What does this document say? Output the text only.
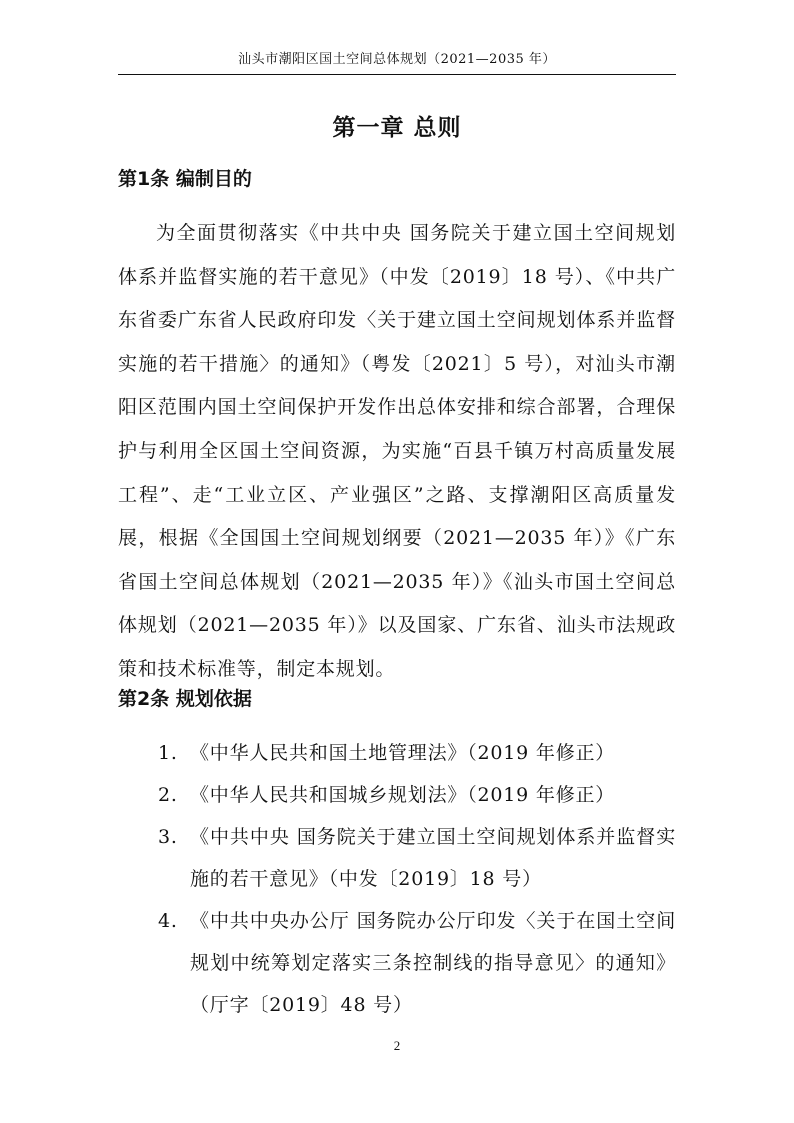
汕头市潮阳区国土空间总体规划（2021—2035 年）
第一章 总则
第1条 编制目的

为全面贯彻落实《中共中央 国务院关于建立国土空间规划体系并监督实施的若干意见》（中发〔2019〕18 号）、《中共广东省委广东省人民政府印发〈关于建立国土空间规划体系并监督实施的若干措施〉的通知》（粤发〔2021〕5 号），对汕头市潮阳区范围内国土空间保护开发作出总体安排和综合部署，合理保护与利用全区国土空间资源，为实施“百县千镇万村高质量发展工程”、走“工业立区、产业强区”之路、支撑潮阳区高质量发展，根据《全国国土空间规划纲要（2021—2035 年）》《广东省国土空间总体规划（2021—2035 年）》《汕头市国土空间总体规划（2021—2035 年）》以及国家、广东省、汕头市法规政策和技术标准等，制定本规划。

第2条 规划依据
1. 《中华人民共和国土地管理法》（2019 年修正）
2. 《中华人民共和国城乡规划法》（2019 年修正）
3. 《中共中央 国务院关于建立国土空间规划体系并监督实施的若干意见》（中发〔2019〕18 号）
4. 《中共中央办公厅 国务院办公厅印发〈关于在国土空间规划中统筹划定落实三条控制线的指导意见〉的通知》（厅字〔2019〕48 号）
2
